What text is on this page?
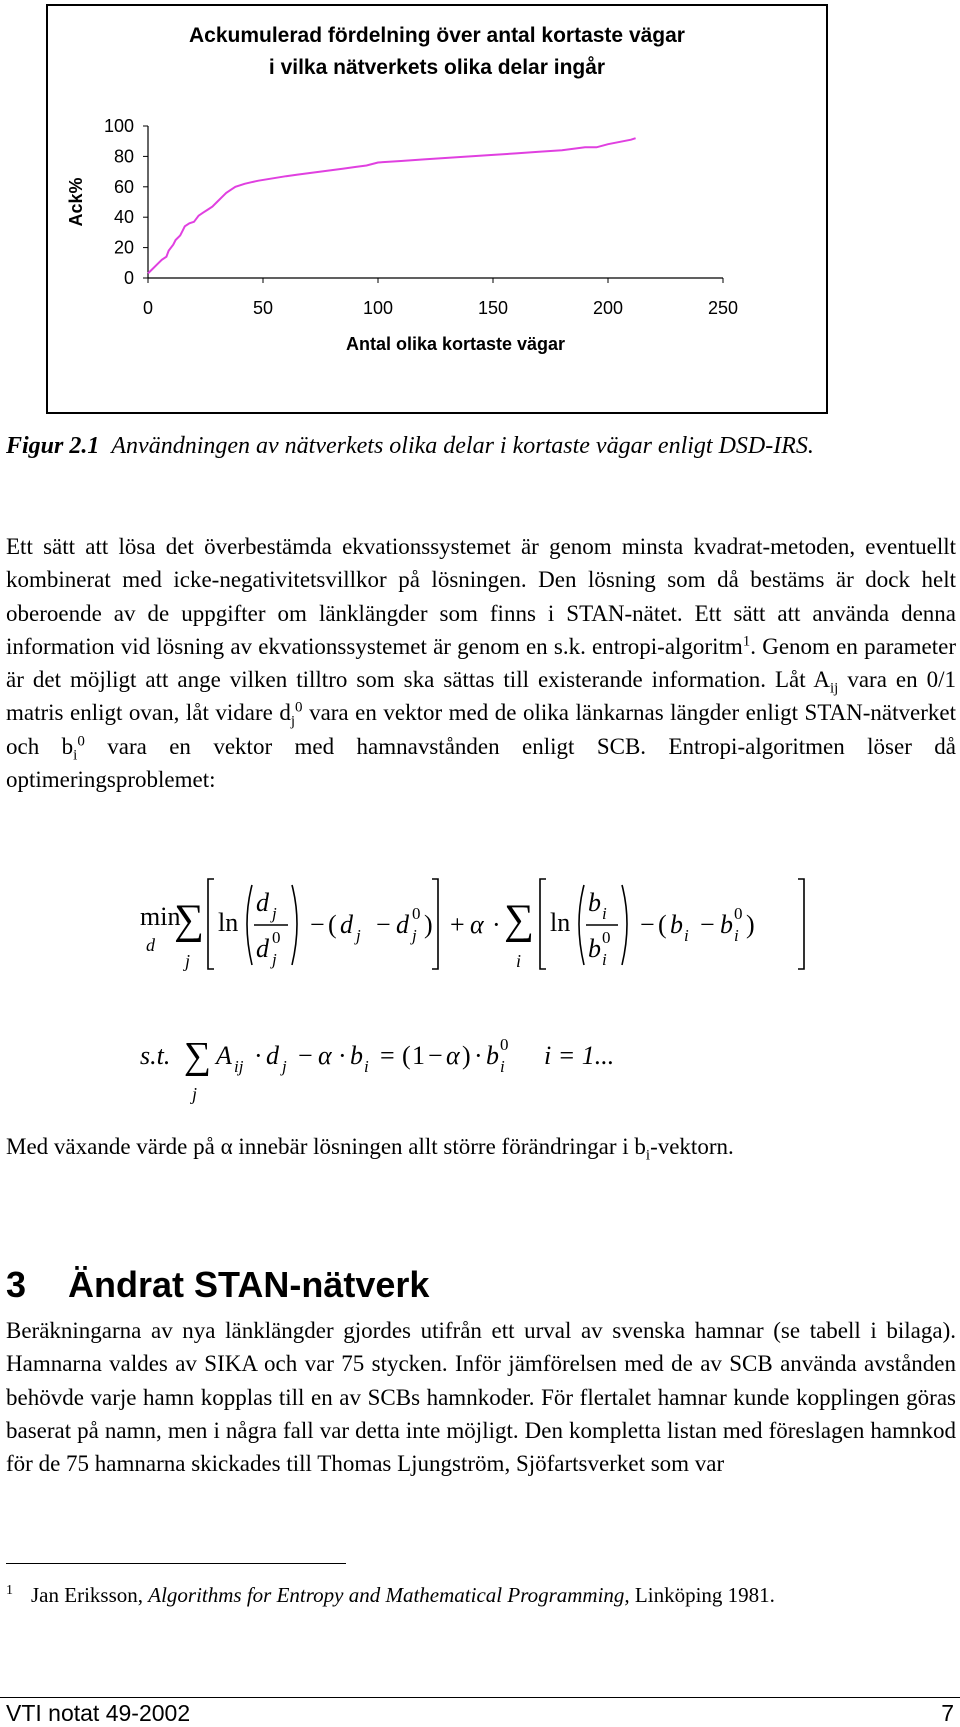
Ackumulerad fördelning över antal kortaste vägar
i vilka nätverkets olika delar ingår
100
80
60
40
20
0
0	50	100	150	200	250
Antal olika kortaste vägar
Ack%

Figur 2.1 Användningen av nätverkets olika delar i kortaste vägar enligt DSD-IRS.

Ett sätt att lösa det överbestämda ekvationssystemet är genom minsta kvadrat-metoden, eventuellt kombinerat med icke-negativitetsvillkor på lösningen. Den lösning som då bestäms är dock helt oberoende av de uppgifter om länklängder som finns i STAN-nätet. Ett sätt att använda denna information vid lösning av ekvationssystemet är genom en s.k. entropi-algoritm$^1$. Genom en parameter är det möjligt att ange vilken tilltro som ska sättas till existerande information. Låt $A_{ij}$ vara en 0/1 matris enligt ovan, låt vidare $d_j^0$ vara en vektor med de olika länkarnas längder enligt STAN-nätverket och $b_i^0$ vara en vektor med hamnavstånden enligt SCB. Entropi-algoritmen löser då optimeringsproblemet:

min
d
∑
j
ln
d j
d 0
j
− ( d j − d 0
j ) + α · ∑
i
ln
b i
b 0
i
− ( b i − b 0
i )
s.t. ∑
j
A ij · d j − α · b i = ( 1 − α ) · b 0
i i = 1...

Med växande värde på α innebär lösningen allt större förändringar i $b_i$-vektorn.

3 Ändrat STAN-nätverk

Beräkningarna av nya länklängder gjordes utifrån ett urval av svenska hamnar (se tabell i bilaga). Hamnarna valdes av SIKA och var 75 stycken. Inför jämförelsen med de av SCB använda avstånden behövde varje hamn kopplas till en av SCBs hamnkoder. För flertalet hamnar kunde kopplingen göras baserat på namn, men i några fall var detta inte möjligt. Den kompletta listan med föreslagen hamnkod för de 75 hamnarna skickades till Thomas Ljungström, Sjöfartsverket som var

$^1$ Jan Eriksson, Algorithms for Entropy and Mathematical Programming, Linköping 1981.

VTI notat 49-2002	7
